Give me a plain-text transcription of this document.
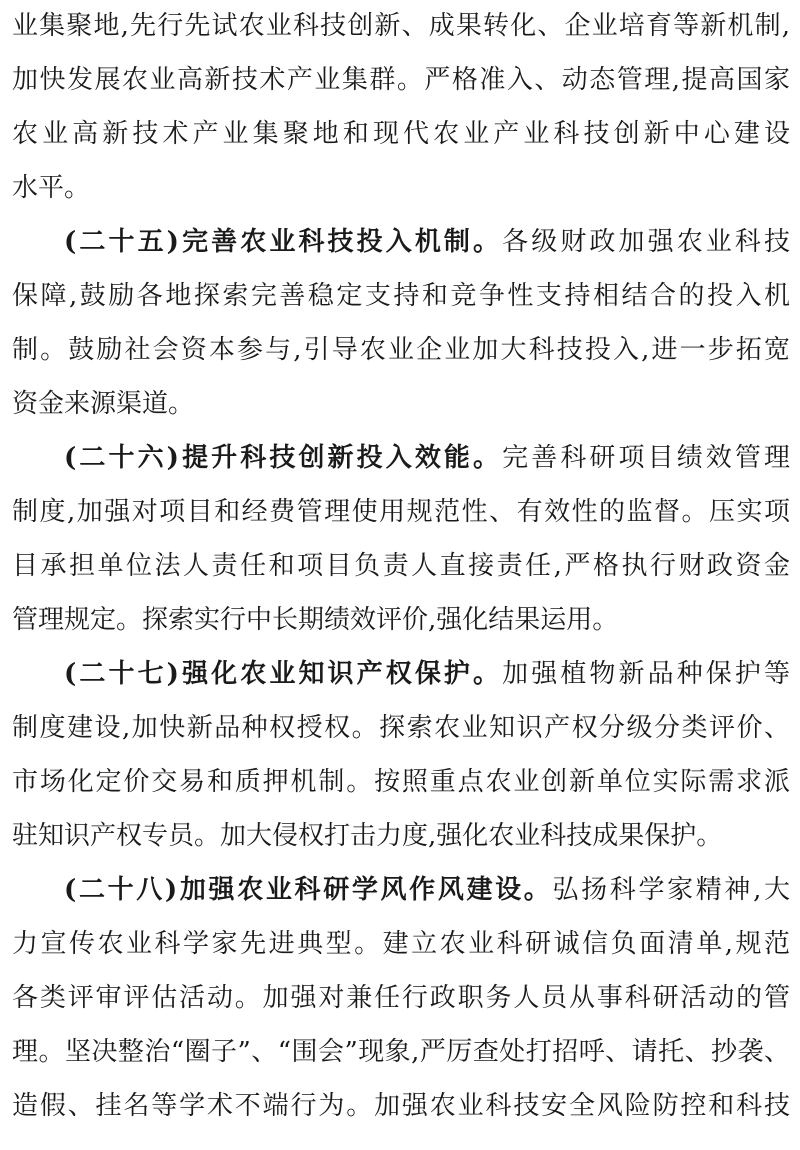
业集聚地,先行先试农业科技创新、成果转化、企业培育等新机制,
加快发展农业高新技术产业集群。严格准入、动态管理,提高国家
农业高新技术产业集聚地和现代农业产业科技创新中心建设
水平。
(二十五)完善农业科技投入机制。各级财政加强农业科技
保障,鼓励各地探索完善稳定支持和竞争性支持相结合的投入机
制。鼓励社会资本参与,引导农业企业加大科技投入,进一步拓宽
资金来源渠道。
(二十六)提升科技创新投入效能。完善科研项目绩效管理
制度,加强对项目和经费管理使用规范性、有效性的监督。压实项
目承担单位法人责任和项目负责人直接责任,严格执行财政资金
管理规定。探索实行中长期绩效评价,强化结果运用。
(二十七)强化农业知识产权保护。加强植物新品种保护等
制度建设,加快新品种权授权。探索农业知识产权分级分类评价、
市场化定价交易和质押机制。按照重点农业创新单位实际需求派
驻知识产权专员。加大侵权打击力度,强化农业科技成果保护。
(二十八)加强农业科研学风作风建设。弘扬科学家精神,大
力宣传农业科学家先进典型。建立农业科研诚信负面清单,规范
各类评审评估活动。加强对兼任行政职务人员从事科研活动的管
理。坚决整治“圈子”、“围会”现象,严厉查处打招呼、请托、抄袭、
造假、挂名等学术不端行为。加强农业科技安全风险防控和科技
